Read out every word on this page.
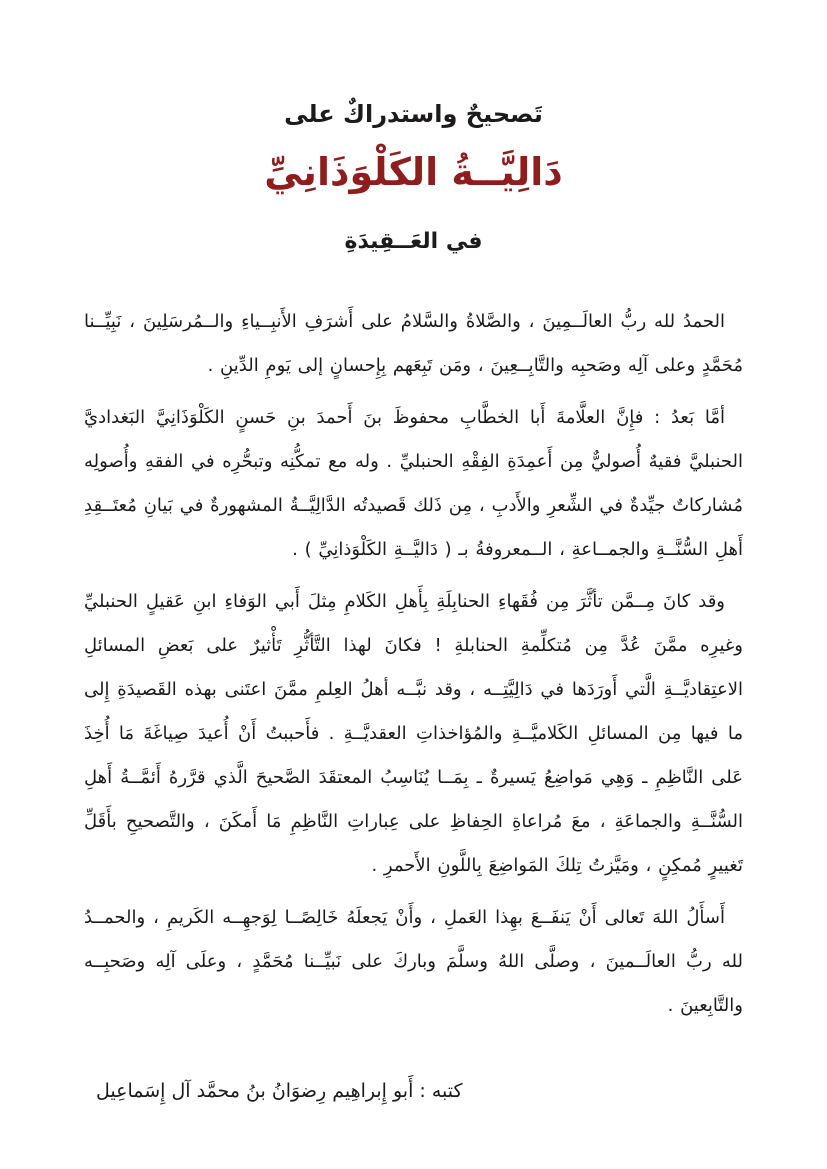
تَصحيحٌ واستدراكٌ على
دَالِيَّــةُ الكَلْوَذَانِيِّ
في العَــقِيدَةِ

الحمدُ لله ربُّ العالَــمِينَ ، والصَّلاةُ والسَّلامُ على أَشرَفِ الأَنبِــياءِ والــمُرسَلِينَ ، نَبِيِّــنا مُحَمَّدٍ وعلى آلِه وصَحبِه والتَّابِــعِينَ ، ومَن تَبِعَهم بِإِحسانٍ إلى يَومِ الدِّينِ .

أمَّا بَعدُ : فإِنَّ العلَّامةَ أَبا الخطَّابِ محفوظَ بنَ أَحمدَ بنِ حَسنٍ الكَلْوَذَانِيَّ البَغداديَّ الحنبليَّ فقيهٌ أُصوليٌّ مِن أَعمِدَةِ الفِقْهِ الحنبليِّ . وله مع تمكُّنِه وتبحُّرِه في الفقهِ وأُصولِه مُشاركاتٌ جيِّدةٌ في الشِّعرِ والأَدبِ ، مِن ذَلك قَصيدتُه الدَّالِيَّــةُ المشهورةٌ في بَيانِ مُعتَــقِدِ أَهلِ السُّنَّــةِ والجمــاعةِ ، الــمعروفةُ بـ ( دَاليَّــةِ الكَلْوَذانِيِّ ) .

وقد كانَ مِــمَّن تأثَّرَ مِن فُقَهاءِ الحنابِلَةِ بِأَهلِ الكَلامِ مِثلَ أَبي الوَفاءِ ابنِ عَقيلٍ الحنبليِّ وغيرِه ممَّنَ عُدَّ مِن مُتكلِّمةِ الحنابلةِ ! فكانَ لهذا التَّأثُّرِ تَأْثيرٌ على بَعضِ المسائلِ الاعتِقاديَّــةِ الَّتي أَورَدَها في دَالِيَّتِــه ، وقد نبَّــه أهلُ العِلمِ ممَّنَ اعتَنى بهذه القَصيدَةِ إِلى ما فيها مِن المسائلِ الكَلاميَّــةِ والمُؤاخذاتِ العقديَّــةِ . فأَحببتُ أَنْ أُعيدَ صِياغَةَ مَا أُخِذَ عَلى النَّاظِمِ ـ وَهِي مَواضِعُ يَسيرةٌ ـ بِمَــا يُنَاسِبُ المعتقَدَ الصَّحيحَ الَّذي قرَّرهُ أَئمَّــةُ أَهلِ السُّنَّــةِ والجماعَةِ ، معَ مُراعاةِ الحِفاظِ على عِباراتِ النَّاظِمِ مَا أَمكَنَ ، والتَّصحيحِ بأَقَلِّ تَغييرٍ مُمكِنٍ ، ومَيَّزتُ تِلكَ المَواضِعَ بِاللَّونِ الأَحمرِ .

أَسأَلُ اللهَ تَعالى أَنْ يَنفَــعَ بهِذا العَملِ ، وأَنْ يَجعلَهُ خَالِصًــا لِوَجهِــه الكَريمِ ، والحمــدُ لله ربُّ العالَــمينَ ، وصلَّى اللهُ وسلَّمَ وباركَ على نَبيِّــنا مُحَمَّدٍ ، وعلَى آلِه وصَحبِــه والتَّابِعينَ .

كتبه : أَبو إِبراهِيم رِضوَانُ بنُ محمَّد آل إِسَماعِيل
